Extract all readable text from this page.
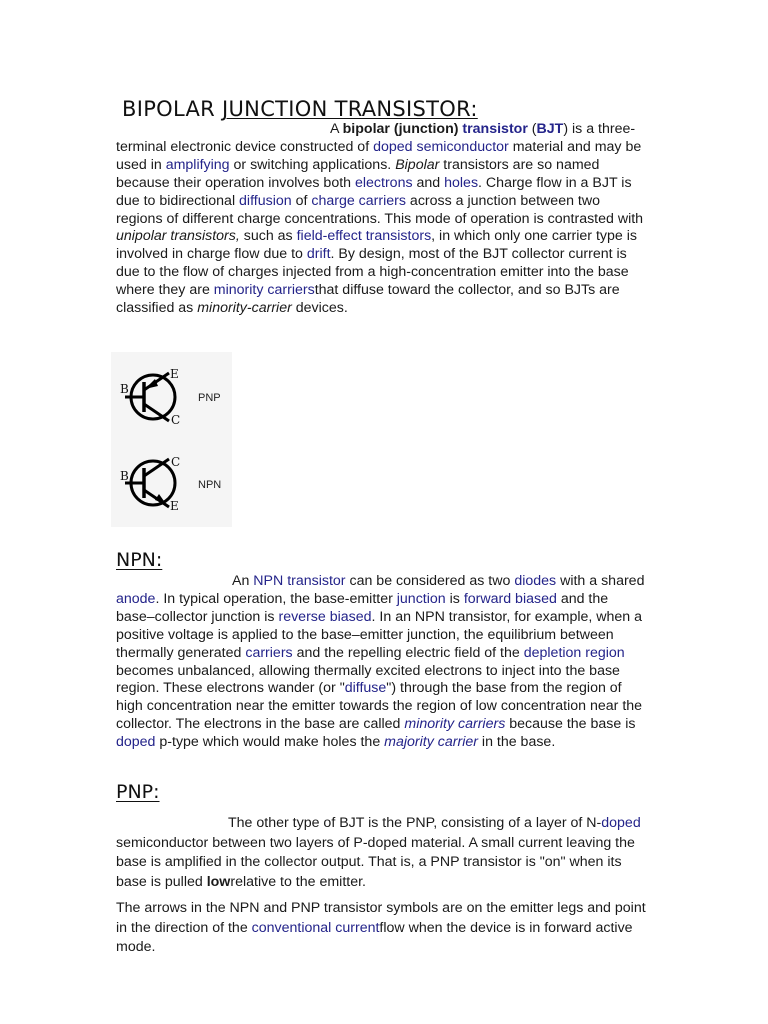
BIPOLAR JUNCTION TRANSISTOR:

A bipolar (junction) transistor (BJT) is a three-terminal electronic device constructed of doped semiconductor material and may be used in amplifying or switching applications. Bipolar transistors are so named because their operation involves both electrons and holes. Charge flow in a BJT is due to bidirectional diffusion of charge carriers across a junction between two regions of different charge concentrations. This mode of operation is contrasted with unipolar transistors, such as field-effect transistors, in which only one carrier type is involved in charge flow due to drift. By design, most of the BJT collector current is due to the flow of charges injected from a high-concentration emitter into the base where they are minority carriersthat diffuse toward the collector, and so BJTs are classified as minority-carrier devices.

E
B
C
C
B
E
PNP
NPN
NPN:

An NPN transistor can be considered as two diodes with a shared anode. In typical operation, the base-emitter junction is forward biased and the base–collector junction is reverse biased. In an NPN transistor, for example, when a positive voltage is applied to the base–emitter junction, the equilibrium between thermally generated carriers and the repelling electric field of the depletion region becomes unbalanced, allowing thermally excited electrons to inject into the base region. These electrons wander (or "diffuse") through the base from the region of high concentration near the emitter towards the region of low concentration near the collector. The electrons in the base are called minority carriers because the base is doped p-type which would make holes the majority carrier in the base.

PNP:

The other type of BJT is the PNP, consisting of a layer of N-doped semiconductor between two layers of P-doped material. A small current leaving the base is amplified in the collector output. That is, a PNP transistor is "on" when its base is pulled lowrelative to the emitter.

The arrows in the NPN and PNP transistor symbols are on the emitter legs and point in the direction of the conventional currentflow when the device is in forward active mode.
